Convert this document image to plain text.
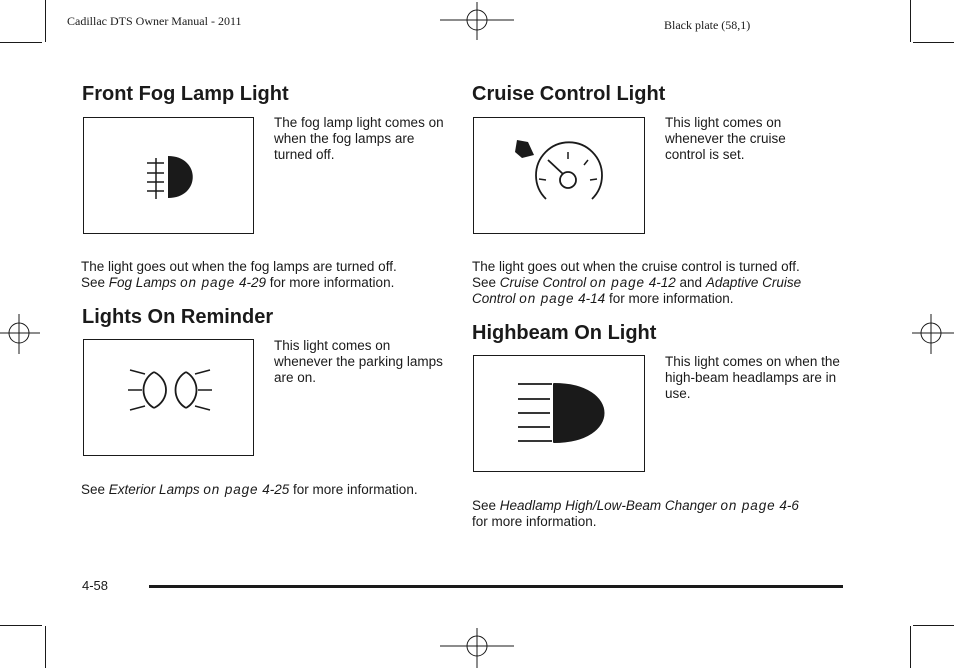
Cadillac DTS Owner Manual - 2011	Black plate (58,1)
Front Fog Lamp Light
The fog lamp light comes on when the fog lamps are turned off.
The light goes out when the fog lamps are turned off.
See Fog Lamps on page 4-29 for more information.
Lights On Reminder
This light comes on whenever the parking lamps are on.
See Exterior Lamps on page 4-25 for more information.
Cruise Control Light
This light comes on whenever the cruise control is set.
The light goes out when the cruise control is turned off.
See Cruise Control on page 4-12 and Adaptive Cruise
Control on page 4-14 for more information.
Highbeam On Light
This light comes on when the high-beam headlamps are in use.
See Headlamp High/Low-Beam Changer on page 4-6
for more information.
4-58
